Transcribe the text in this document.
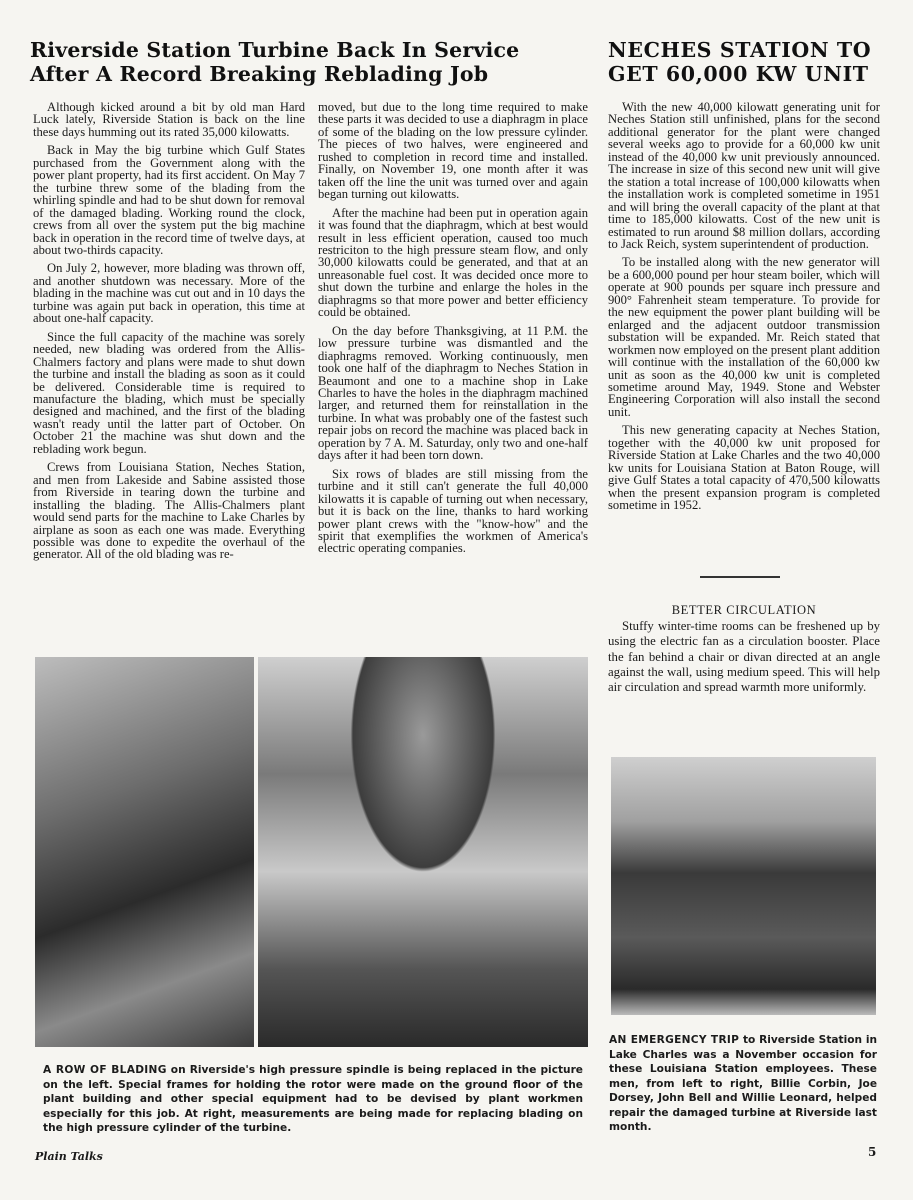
Riverside Station Turbine Back In Service
After A Record Breaking Reblading Job
NECHES STATION TO
GET 60,000 KW UNIT

Although kicked around a bit by old man Hard Luck lately, Riverside Station is back on the line these days humming out its rated 35,000 kilowatts.

Back in May the big turbine which Gulf States purchased from the Government along with the power plant property, had its first accident. On May 7 the turbine threw some of the blading from the whirling spindle and had to be shut down for removal of the damaged blading. Working round the clock, crews from all over the system put the big machine back in operation in the record time of twelve days, at about two-thirds capacity.

On July 2, however, more blading was thrown off, and another shutdown was necessary. More of the blading in the machine was cut out and in 10 days the turbine was again put back in operation, this time at about one-half capacity.

Since the full capacity of the machine was sorely needed, new blading was ordered from the Allis-Chalmers factory and plans were made to shut down the turbine and install the blading as soon as it could be delivered. Considerable time is required to manufacture the blading, which must be specially designed and machined, and the first of the blading wasn't ready until the latter part of October. On October 21 the machine was shut down and the reblading work begun.

Crews from Louisiana Station, Neches Station, and men from Lakeside and Sabine assisted those from Riverside in tearing down the turbine and installing the blading. The Allis-Chalmers plant would send parts for the machine to Lake Charles by airplane as soon as each one was made. Everything possible was done to expedite the overhaul of the generator. All of the old blading was re-

moved, but due to the long time required to make these parts it was decided to use a diaphragm in place of some of the blading on the low pressure cylinder. The pieces of two halves, were engineered and rushed to completion in record time and installed. Finally, on November 19, one month after it was taken off the line the unit was turned over and again began turning out kilowatts.

After the machine had been put in operation again it was found that the diaphragm, which at best would result in less efficient operation, caused too much restriciton to the high pressure steam flow, and only 30,000 kilowatts could be generated, and that at an unreasonable fuel cost. It was decided once more to shut down the turbine and enlarge the holes in the diaphragms so that more power and better efficiency could be obtained.

On the day before Thanksgiving, at 11 P.M. the low pressure turbine was dismantled and the diaphragms removed. Working continuously, men took one half of the diaphragm to Neches Station in Beaumont and one to a machine shop in Lake Charles to have the holes in the diaphragm machined larger, and returned them for reinstallation in the turbine. In what was probably one of the fastest such repair jobs on record the machine was placed back in operation by 7 A. M. Saturday, only two and one-half days after it had been torn down.

Six rows of blades are still missing from the turbine and it still can't generate the full 40,000 kilowatts it is capable of turning out when necessary, but it is back on the line, thanks to hard working power plant crews with the "know-how" and the spirit that exemplifies the workmen of America's electric operating companies.

With the new 40,000 kilowatt generating unit for Neches Station still unfinished, plans for the second additional generator for the plant were changed several weeks ago to provide for a 60,000 kw unit instead of the 40,000 kw unit previously announced. The increase in size of this second new unit will give the station a total increase of 100,000 kilowatts when the installation work is completed sometime in 1951 and will bring the overall capacity of the plant at that time to 185,000 kilowatts. Cost of the new unit is estimated to run around $8 million dollars, according to Jack Reich, system superintendent of production.

To be installed along with the new generator will be a 600,000 pound per hour steam boiler, which will operate at 900 pounds per square inch pressure and 900° Fahrenheit steam temperature. To provide for the new equipment the power plant building will be enlarged and the adjacent outdoor transmission substation will be expanded. Mr. Reich stated that workmen now employed on the present plant addition will continue with the installation of the 60,000 kw unit as soon as the 40,000 kw unit is completed sometime around May, 1949. Stone and Webster Engineering Corporation will also install the second unit.

This new generating capacity at Neches Station, together with the 40,000 kw unit proposed for Riverside Station at Lake Charles and the two 40,000 kw units for Louisiana Station at Baton Rouge, will give Gulf States a total capacity of 470,500 kilowatts when the present expansion program is completed sometime in 1952.

BETTER CIRCULATION

Stuffy winter-time rooms can be freshened up by using the electric fan as a circulation booster. Place the fan behind a chair or divan directed at an angle against the wall, using medium speed. This will help air circulation and spread warmth more uniformly.

A ROW OF BLADING on Riverside's high pressure spindle is being replaced in the picture on the left. Special frames for holding the rotor were made on the ground floor of the plant building and other special equipment had to be devised by plant workmen especially for this job. At right, measurements are being made for replacing blading on the high pressure cylinder of the turbine.
AN EMERGENCY TRIP to Riverside Station in Lake Charles was a November occasion for these Louisiana Station employees. These men, from left to right, Billie Corbin, Joe Dorsey, John Bell and Willie Leonard, helped repair the damaged turbine at Riverside last month.
Plain Talks	5
